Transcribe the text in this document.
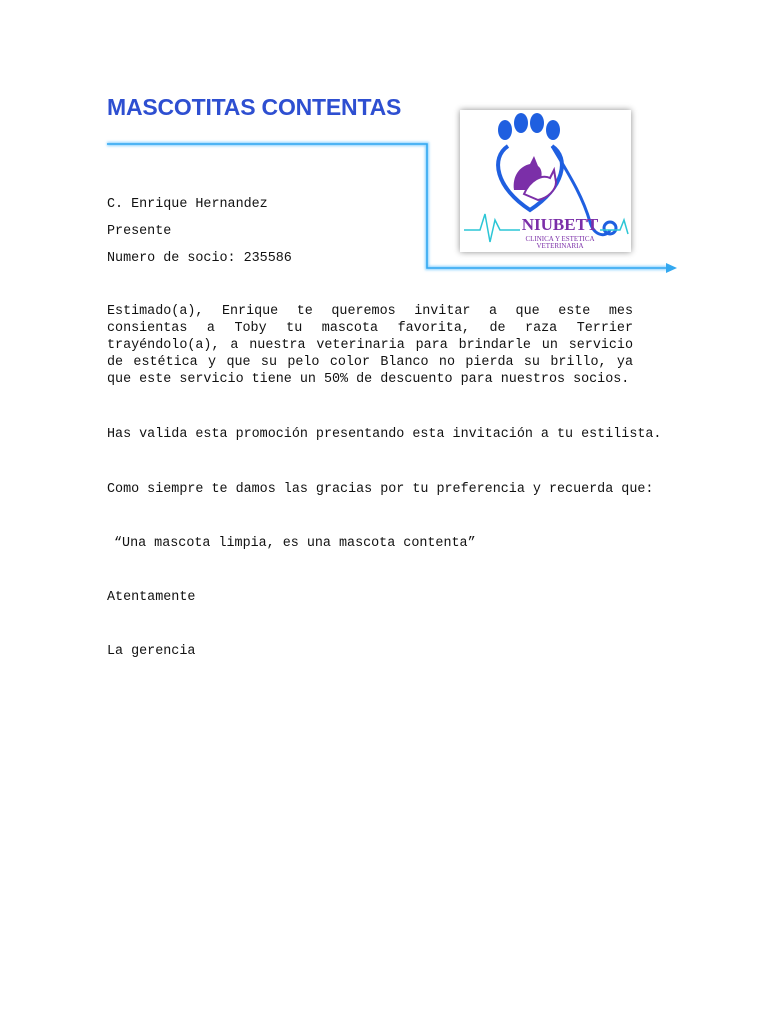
MASCOTITAS CONTENTAS
NIUBETT
CLINICA Y ESTETICA
VETERINARIA

C. Enrique Hernandez

Presente

Numero de socio: 235586

Estimado(a), Enrique te queremos invitar a que este mes consientas a Toby tu mascota favorita, de raza Terrier trayéndolo(a), a nuestra veterinaria para brindarle un servicio de estética y que su pelo color Blanco no pierda su brillo, ya que este servicio tiene un 50% de descuento para nuestros socios.

Has valida esta promoción presentando esta invitación a tu estilista.

Como siempre te damos las gracias por tu preferencia y recuerda que:

“Una mascota limpia, es una mascota contenta”

Atentamente

La gerencia
